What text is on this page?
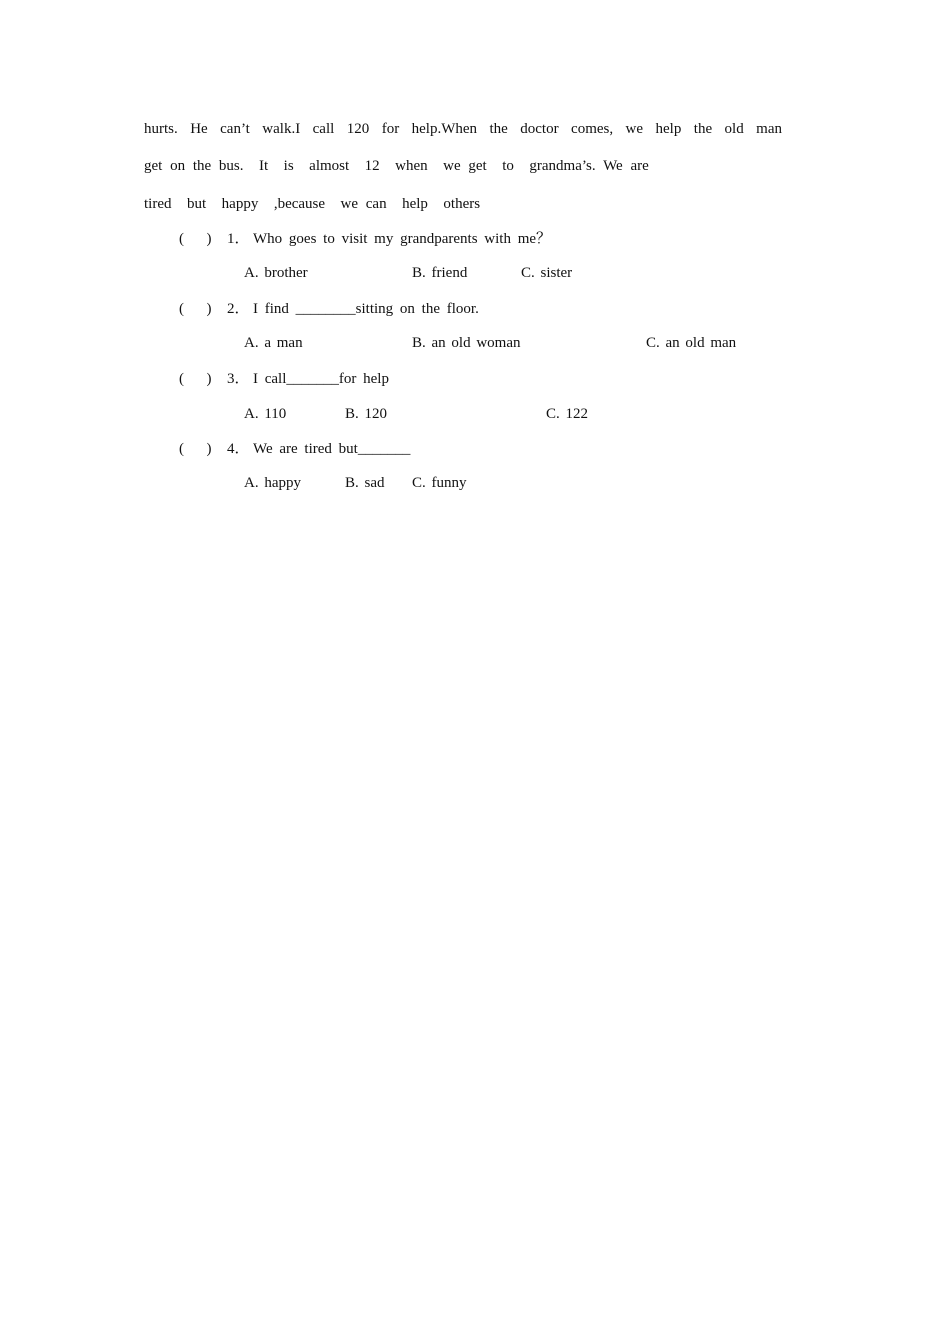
hurts. He can’t walk.I call 120 for help.When the doctor comes, we help the old man
get on the bus.  It  is  almost  12  when  we get  to  grandma’s. We are
tired  but  happy  ,because  we can  help  others
(      ) 1． Who goes to visit my grandparents with me？
A. brother	B. friend	C. sister
(      ) 2． I find ________sitting on the floor.
A. a man	B. an old woman	C. an old man
(      ) 3． I call_______for help
A. 110	B. 120	C. 122
(      ) 4． We are tired but_______
A. happy	B. sad C. funny
